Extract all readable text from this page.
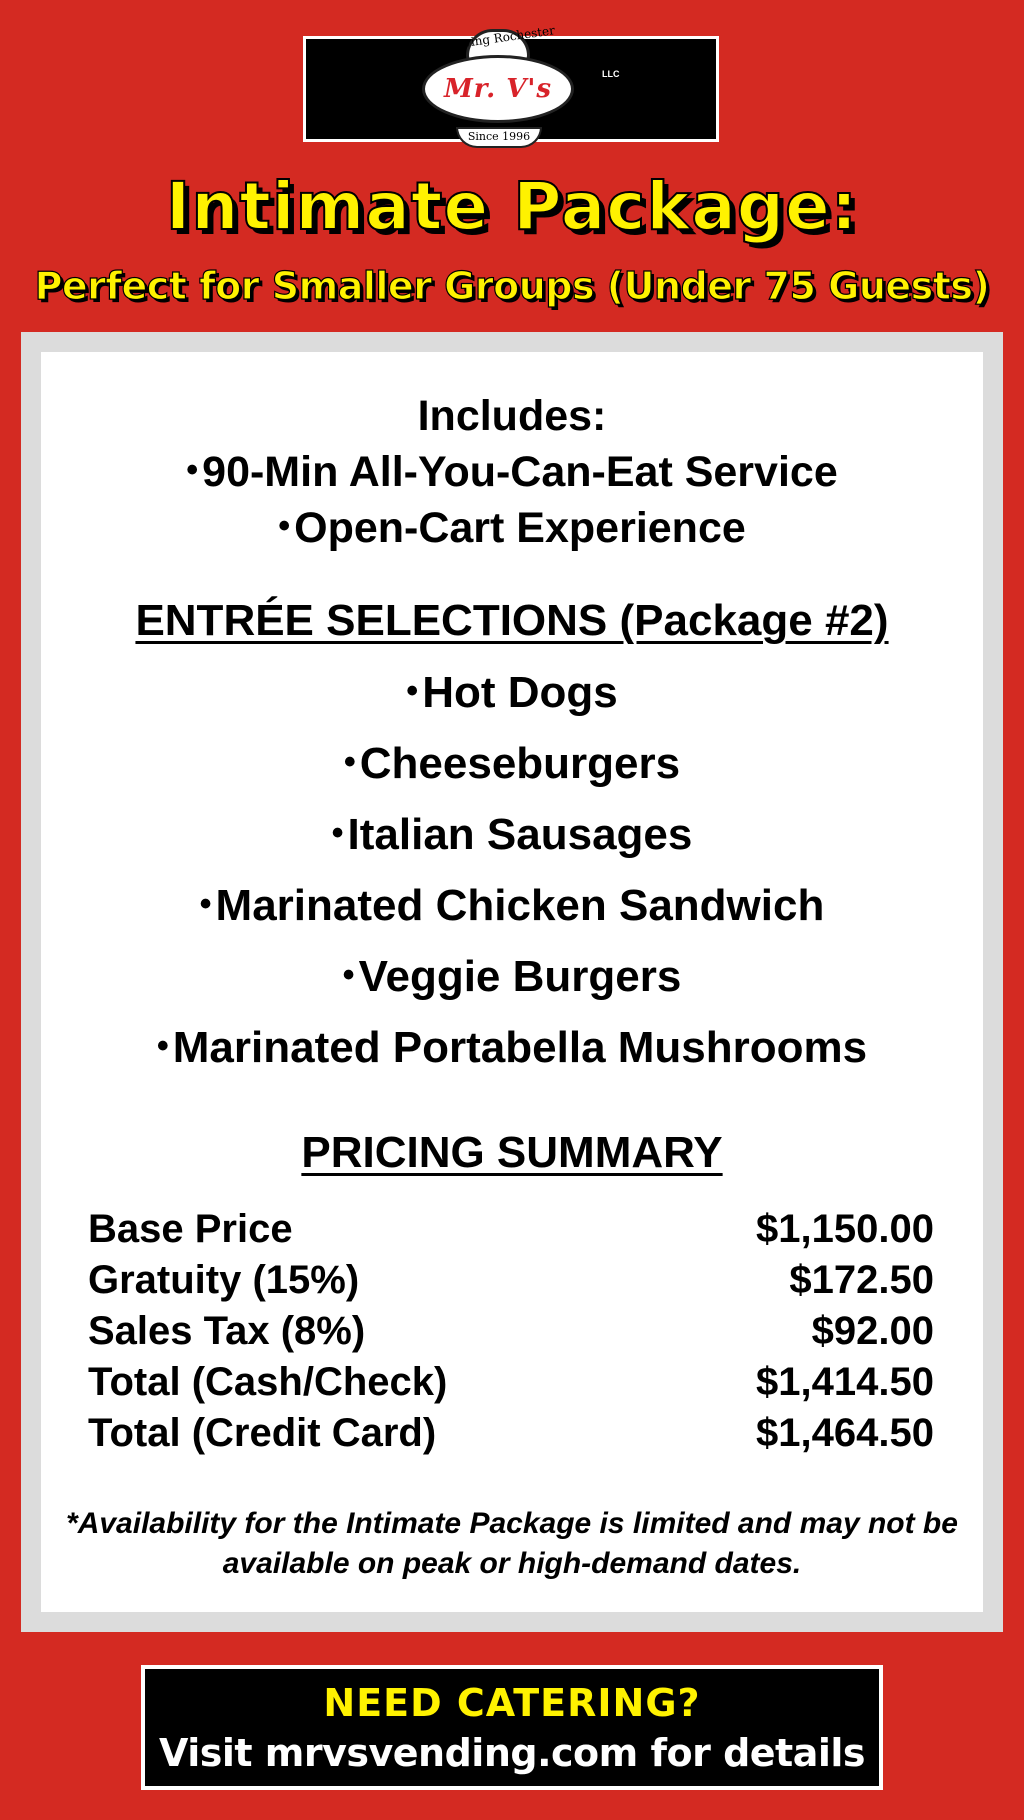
Serving Rochester
Mr. V's
Since 1996
LLC
Intimate Package:
Perfect for Smaller Groups (Under 75 Guests)
Includes:
•90-Min All-You-Can-Eat Service
•Open-Cart Experience
ENTRÉE SELECTIONS (Package #2)
•Hot Dogs
•Cheeseburgers
•Italian Sausages
•Marinated Chicken Sandwich
•Veggie Burgers
•Marinated Portabella Mushrooms
PRICING SUMMARY
Base Price	$1,150.00
Gratuity (15%)	$172.50
Sales Tax (8%)	$92.00
Total (Cash/Check)	$1,414.50
Total (Credit Card)	$1,464.50
*Availability for the Intimate Package is limited and may not be available on peak or high-demand dates.
NEED CATERING?
Visit mrvsvending.com for details
